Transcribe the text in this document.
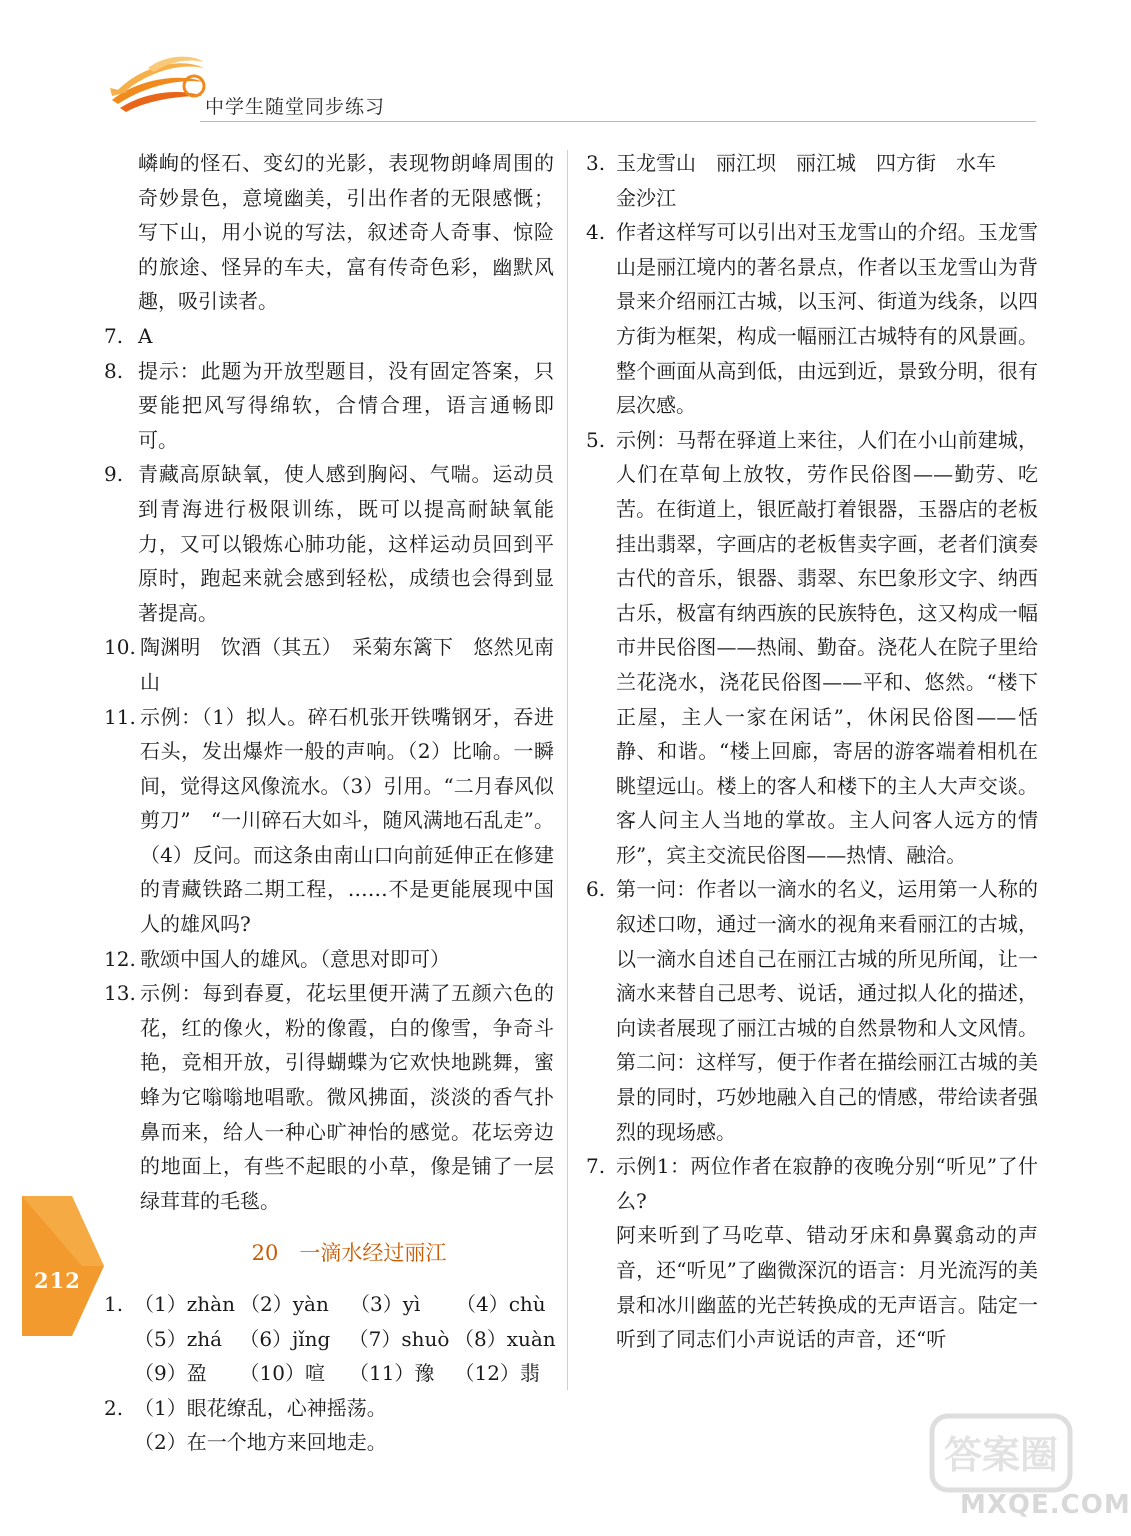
中学生随堂同步练习
嶙峋的怪石、变幻的光影，表现物朗峰周围的奇妙景色，意境幽美，引出作者的无限感慨；写下山，用小说的写法，叙述奇人奇事、惊险的旅途、怪异的车夫，富有传奇色彩，幽默风趣，吸引读者。
7. A
8. 提示：此题为开放型题目，没有固定答案，只要能把风写得绵软，合情合理，语言通畅即可。
9. 青藏高原缺氧，使人感到胸闷、气喘。运动员到青海进行极限训练，既可以提高耐缺氧能力，又可以锻炼心肺功能，这样运动员回到平原时，跑起来就会感到轻松，成绩也会得到显著提高。
10. 陶渊明　饮酒（其五）　采菊东篱下　悠然见南山
11. 示例：（1）拟人。碎石机张开铁嘴钢牙，吞进石头，发出爆炸一般的声响。（2）比喻。一瞬间，觉得这风像流水。（3）引用。“二月春风似剪刀”　“一川碎石大如斗，随风满地石乱走”。（4）反问。而这条由南山口向前延伸正在修建的青藏铁路二期工程，……不是更能展现中国人的雄风吗?
12. 歌颂中国人的雄风。（意思对即可）
13. 示例：每到春夏，花坛里便开满了五颜六色的花，红的像火，粉的像霞，白的像雪，争奇斗艳，竞相开放，引得蝴蝶为它欢快地跳舞，蜜蜂为它嗡嗡地唱歌。微风拂面，淡淡的香气扑鼻而来，给人一种心旷神怡的感觉。花坛旁边的地面上，有些不起眼的小草，像是铺了一层绿茸茸的毛毯。
20　一滴水经过丽江
1. （1）zhàn （2）yàn （3）yì （4）chù
（5）zhá （6）jǐng （7）shuò （8）xuàn
（9）盈	（10）喧	（11）豫	（12）翡
2. （1）眼花缭乱，心神摇荡。
（2）在一个地方来回地走。
3. 玉龙雪山　丽江坝　丽江城　四方街　水车
金沙江
4. 作者这样写可以引出对玉龙雪山的介绍。玉龙雪山是丽江境内的著名景点，作者以玉龙雪山为背景来介绍丽江古城，以玉河、街道为线条，以四方街为框架，构成一幅丽江古城特有的风景画。整个画面从高到低，由远到近，景致分明，很有层次感。
5. 示例：马帮在驿道上来往，人们在小山前建城，人们在草甸上放牧，劳作民俗图——勤劳、吃苦。在街道上，银匠敲打着银器，玉器店的老板挂出翡翠，字画店的老板售卖字画，老者们演奏古代的音乐，银器、翡翠、东巴象形文字、纳西古乐，极富有纳西族的民族特色，这又构成一幅市井民俗图——热闹、勤奋。浇花人在院子里给兰花浇水，浇花民俗图——平和、悠然。“楼下正屋，主人一家在闲话”，休闲民俗图——恬静、和谐。“楼上回廊，寄居的游客端着相机在眺望远山。楼上的客人和楼下的主人大声交谈。客人问主人当地的掌故。主人问客人远方的情形”，宾主交流民俗图——热情、融洽。
6. 第一问：作者以一滴水的名义，运用第一人称的叙述口吻，通过一滴水的视角来看丽江的古城，以一滴水自述自己在丽江古城的所见所闻，让一滴水来替自己思考、说话，通过拟人化的描述，向读者展现了丽江古城的自然景物和人文风情。第二问：这样写，便于作者在描绘丽江古城的美景的同时，巧妙地融入自己的情感，带给读者强烈的现场感。
7. 示例1：两位作者在寂静的夜晚分别“听见”了什么?
阿来听到了马吃草、错动牙床和鼻翼翕动的声音，还“听见”了幽微深沉的语言：月光流泻的美景和冰川幽蓝的光芒转换成的无声语言。陆定一听到了同志们小声说话的声音，还“听
212
答案圈
MXQE.COM
